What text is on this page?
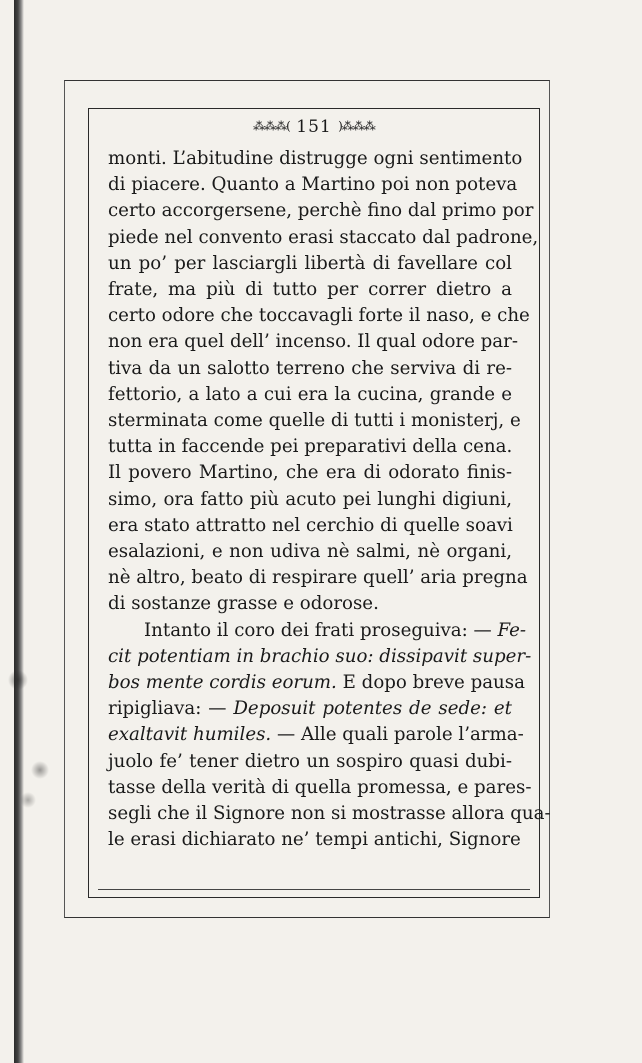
⁂⁂⁂( 151 )⁂⁂⁂

monti. L’abitudine distrugge ogni sentimento
di piacere. Quanto a Martino poi non poteva
certo accorgersene, perchè fino dal primo por
piede nel convento erasi staccato dal padrone,
un po’ per lasciargli libertà di favellare col
frate, ma più di tutto per correr dietro a
certo odore che toccavagli forte il naso, e che
non era quel dell’ incenso. Il qual odore par-
tiva da un salotto terreno che serviva di re-
fettorio, a lato a cui era la cucina, grande e
sterminata come quelle di tutti i monisterj, e
tutta in faccende pei preparativi della cena.
Il povero Martino, che era di odorato finis-
simo, ora fatto più acuto pei lunghi digiuni,
era stato attratto nel cerchio di quelle soavi
esalazioni, e non udiva nè salmi, nè organi,
nè altro, beato di respirare quell’ aria pregna
di sostanze grasse e odorose.

Intanto il coro dei frati proseguiva: — Fe-
cit potentiam in brachio suo: dissipavit super-
bos mente cordis eorum. E dopo breve pausa
ripigliava: — Deposuit potentes de sede: et
exaltavit humiles. — Alle quali parole l’arma-
juolo fe’ tener dietro un sospiro quasi dubi-
tasse della verità di quella promessa, e pares-
segli che il Signore non si mostrasse allora qua-
le erasi dichiarato ne’ tempi antichi, Signore
